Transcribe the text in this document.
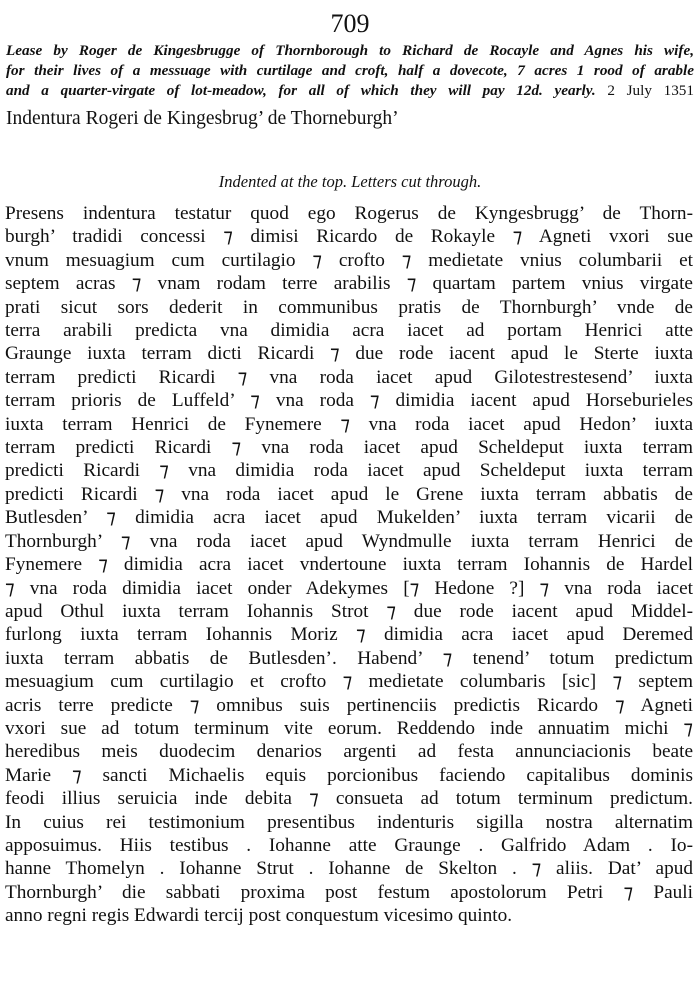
709
Lease by Roger de Kingesbrugge of Thornborough to Richard de Rocayle and Agnes his wife,
for their lives of a messuage with curtilage and croft, half a dovecote, 7 acres 1 rood of arable
and a quarter-virgate of lot-meadow, for all of which they will pay 12d. yearly. 2 July 1351
Indentura Rogeri de Kingesbrug’ de Thorneburgh’
Indented at the top. Letters cut through.
Presens indentura testatur quod ego Rogerus de Kyngesbrugg’ de Thorn-
burgh’ tradidi concessi ⁊ dimisi Ricardo de Rokayle ⁊ Agneti vxori sue
vnum mesuagium cum curtilagio ⁊ crofto ⁊ medietate vnius columbarii et
septem acras ⁊ vnam rodam terre arabilis ⁊ quartam partem vnius virgate
prati sicut sors dederit in communibus pratis de Thornburgh’ vnde de
terra arabili predicta vna dimidia acra iacet ad portam Henrici atte
Graunge iuxta terram dicti Ricardi ⁊ due rode iacent apud le Sterte iuxta
terram predicti Ricardi ⁊ vna roda iacet apud Gilotestrestesend’ iuxta
terram prioris de Luffeld’ ⁊ vna roda ⁊ dimidia iacent apud Horseburieles
iuxta terram Henrici de Fynemere ⁊ vna roda iacet apud Hedon’ iuxta
terram predicti Ricardi ⁊ vna roda iacet apud Scheldeput iuxta terram
predicti Ricardi ⁊ vna dimidia roda iacet apud Scheldeput iuxta terram
predicti Ricardi ⁊ vna roda iacet apud le Grene iuxta terram abbatis de
Butlesden’ ⁊ dimidia acra iacet apud Mukelden’ iuxta terram vicarii de
Thornburgh’ ⁊ vna roda iacet apud Wyndmulle iuxta terram Henrici de
Fynemere ⁊ dimidia acra iacet vndertoune iuxta terram Iohannis de Hardel
⁊ vna roda dimidia iacet onder Adekymes [⁊ Hedone ?] ⁊ vna roda iacet
apud Othul iuxta terram Iohannis Strot ⁊ due rode iacent apud Middel-
furlong iuxta terram Iohannis Moriz ⁊ dimidia acra iacet apud Deremed
iuxta terram abbatis de Butlesden’. Habend’ ⁊ tenend’ totum predictum
mesuagium cum curtilagio et crofto ⁊ medietate columbaris [sic] ⁊ septem
acris terre predicte ⁊ omnibus suis pertinenciis predictis Ricardo ⁊ Agneti
vxori sue ad totum terminum vite eorum. Reddendo inde annuatim michi ⁊
heredibus meis duodecim denarios argenti ad festa annunciacionis beate
Marie ⁊ sancti Michaelis equis porcionibus faciendo capitalibus dominis
feodi illius seruicia inde debita ⁊ consueta ad totum terminum predictum.
In cuius rei testimonium presentibus indenturis sigilla nostra alternatim
apposuimus. Hiis testibus . Iohanne atte Graunge . Galfrido Adam . Io-
hanne Thomelyn . Iohanne Strut . Iohanne de Skelton . ⁊ aliis. Dat’ apud
Thornburgh’ die sabbati proxima post festum apostolorum Petri ⁊ Pauli
anno regni regis Edwardi tercij post conquestum vicesimo quinto.
